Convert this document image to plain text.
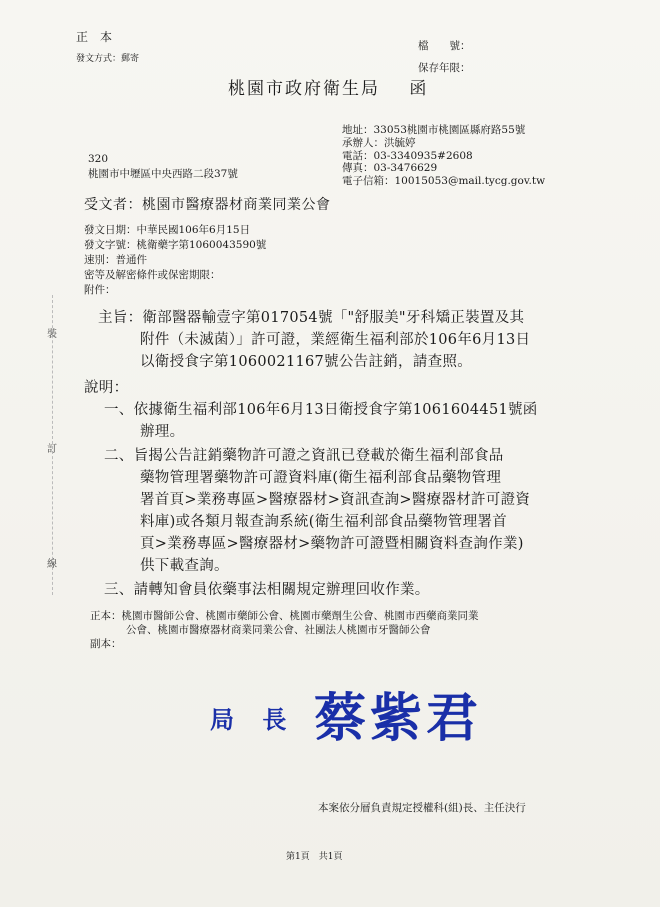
正　本
發文方式：郵寄
檔　　號：
保存年限：
桃園市政府衛生局 函
地址：33053桃園市桃園區縣府路55號
承辦人：洪毓婷
電話：03-3340935#2608
傳真：03-3476629
電子信箱：10015053@mail.tycg.gov.tw
320
桃園市中壢區中央西路二段37號
受文者：桃園市醫療器材商業同業公會
發文日期：中華民國106年6月15日
發文字號：桃衛藥字第1060043590號
速別：普通件
密等及解密條件或保密期限：
附件：
裝
訂
線
主旨：衛部醫器輸壹字第017054號「"舒服美"牙科矯正裝置及其
附件（未滅菌）」許可證，業經衛生福利部於106年6月13日
以衛授食字第1060021167號公告註銷，請查照。
說明：
一、依據衛生福利部106年6月13日衛授食字第1061604451號函
辦理。
二、旨揭公告註銷藥物許可證之資訊已登載於衛生福利部食品
藥物管理署藥物許可證資料庫(衛生福利部食品藥物管理
署首頁>業務專區>醫療器材>資訊查詢>醫療器材許可證資
料庫)或各類月報查詢系統(衛生福利部食品藥物管理署首
頁>業務專區>醫療器材>藥物許可證暨相關資料查詢作業)
供下載查詢。
三、請轉知會員依藥事法相關規定辦理回收作業。
正本：桃園市醫師公會、桃園市藥師公會、桃園市藥劑生公會、桃園市西藥商業同業
公會、桃園市醫療器材商業同業公會、社團法人桃園市牙醫師公會
副本：
局 長 蔡紫君
本案依分層負責規定授權科(組)長、主任決行
第1頁　共1頁
